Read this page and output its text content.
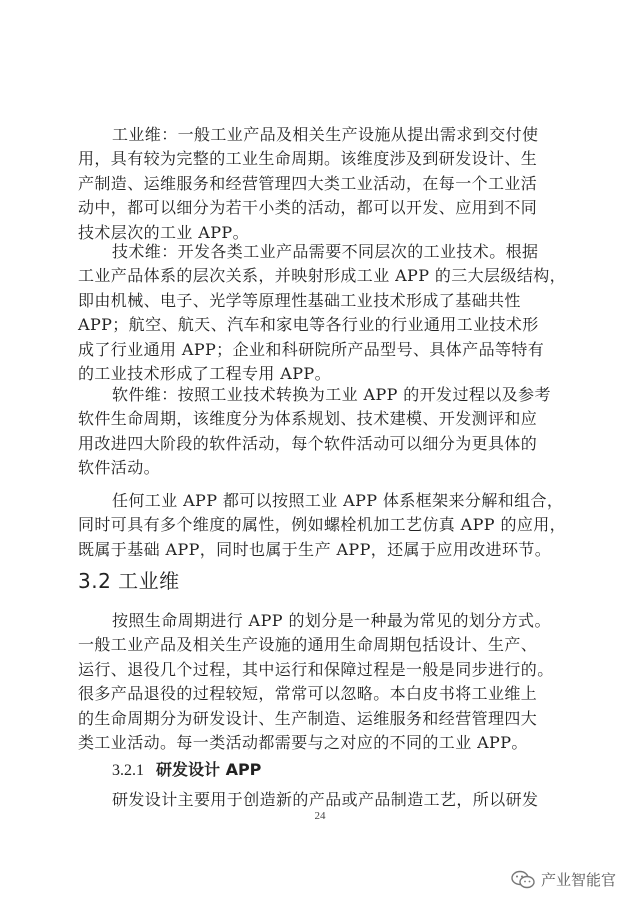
工业维：一般工业产品及相关生产设施从提出需求到交付使
用，具有较为完整的工业生命周期。该维度涉及到研发设计、生
产制造、运维服务和经营管理四大类工业活动，在每一个工业活
动中，都可以细分为若干小类的活动，都可以开发、应用到不同
技术层次的工业 APP。

技术维：开发各类工业产品需要不同层次的工业技术。根据
工业产品体系的层次关系，并映射形成工业 APP 的三大层级结构，
即由机械、电子、光学等原理性基础工业技术形成了基础共性
APP；航空、航天、汽车和家电等各行业的行业通用工业技术形
成了行业通用 APP；企业和科研院所产品型号、具体产品等特有
的工业技术形成了工程专用 APP。

软件维：按照工业技术转换为工业 APP 的开发过程以及参考
软件生命周期，该维度分为体系规划、技术建模、开发测评和应
用改进四大阶段的软件活动，每个软件活动可以细分为更具体的
软件活动。

任何工业 APP 都可以按照工业 APP 体系框架来分解和组合，
同时可具有多个维度的属性，例如螺栓机加工艺仿真 APP 的应用，
既属于基础 APP，同时也属于生产 APP，还属于应用改进环节。

3.2 工业维

按照生命周期进行 APP 的划分是一种最为常见的划分方式。
一般工业产品及相关生产设施的通用生命周期包括设计、生产、
运行、退役几个过程，其中运行和保障过程是一般是同步进行的。
很多产品退役的过程较短，常常可以忽略。本白皮书将工业维上
的生命周期分为研发设计、生产制造、运维服务和经营管理四大
类工业活动。每一类活动都需要与之对应的不同的工业 APP。

3.2.1 研发设计 APP

研发设计主要用于创造新的产品或产品制造工艺，所以研发

24
产业智能官
